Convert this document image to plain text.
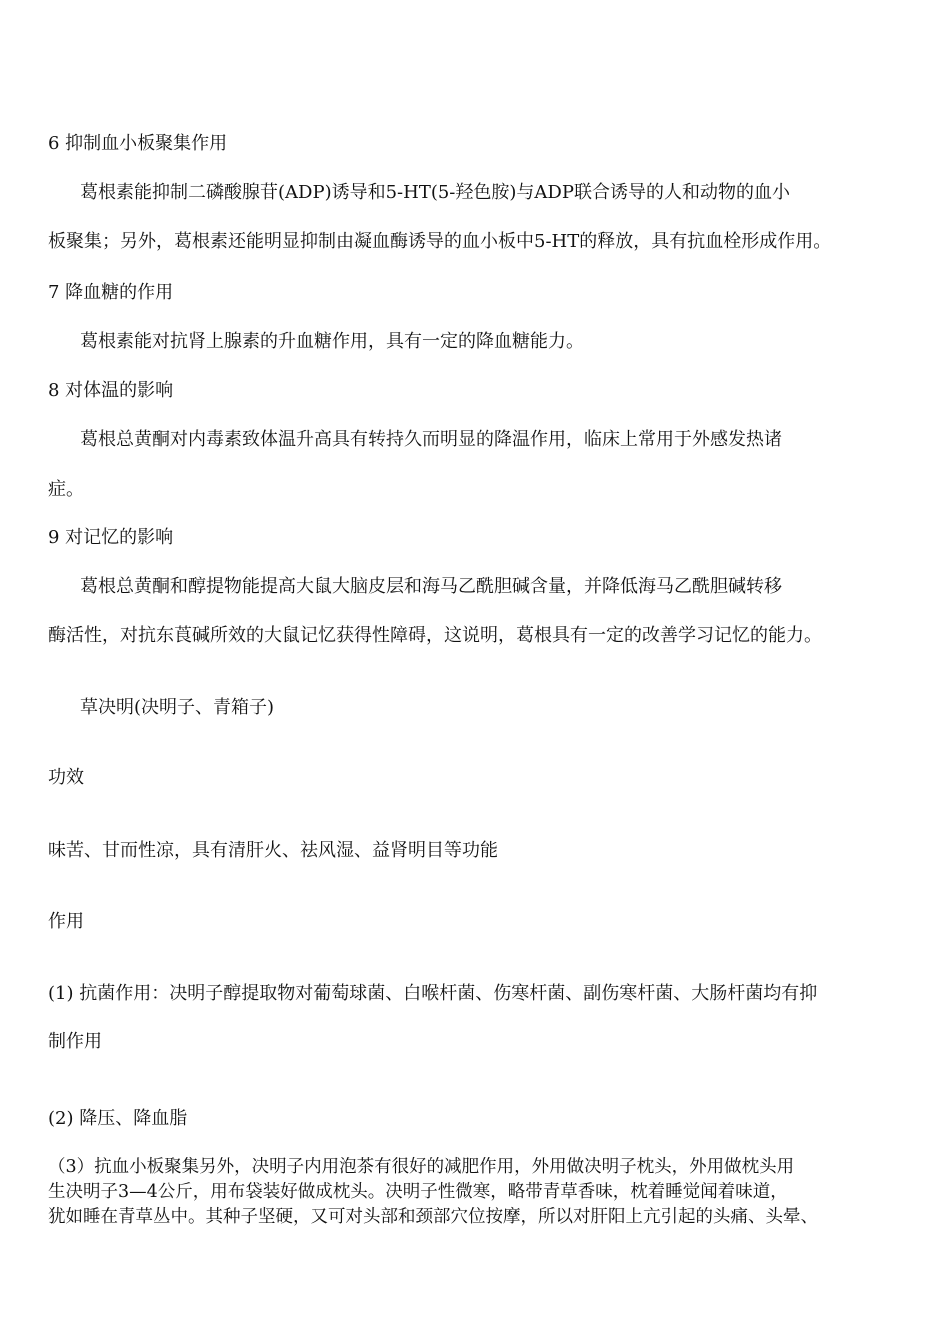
6 抑制血小板聚集作用
葛根素能抑制二磷酸腺苷(ADP)诱导和5-HT(5-羟色胺)与ADP联合诱导的人和动物的血小
板聚集；另外，葛根素还能明显抑制由凝血酶诱导的血小板中5-HT的释放，具有抗血栓形成作用。
7 降血糖的作用
葛根素能对抗肾上腺素的升血糖作用，具有一定的降血糖能力。
8 对体温的影响
葛根总黄酮对内毒素致体温升高具有转持久而明显的降温作用，临床上常用于外感发热诸
症。
9 对记忆的影响
葛根总黄酮和醇提物能提高大鼠大脑皮层和海马乙酰胆碱含量，并降低海马乙酰胆碱转移
酶活性，对抗东莨碱所效的大鼠记忆获得性障碍，这说明，葛根具有一定的改善学习记忆的能力。
草决明(决明子、青箱子)
功效
味苦、甘而性凉，具有清肝火、祛风湿、益肾明目等功能
作用
(1) 抗菌作用：决明子醇提取物对葡萄球菌、白喉杆菌、伤寒杆菌、副伤寒杆菌、大肠杆菌均有抑
制作用
(2) 降压、降血脂
（3）抗血小板聚集另外，决明子内用泡茶有很好的减肥作用，外用做决明子枕头，外用做枕头用
生决明子3—4公斤，用布袋装好做成枕头。决明子性微寒，略带青草香味，枕着睡觉闻着味道，
犹如睡在青草丛中。其种子坚硬，又可对头部和颈部穴位按摩，所以对肝阳上亢引起的头痛、头晕、
